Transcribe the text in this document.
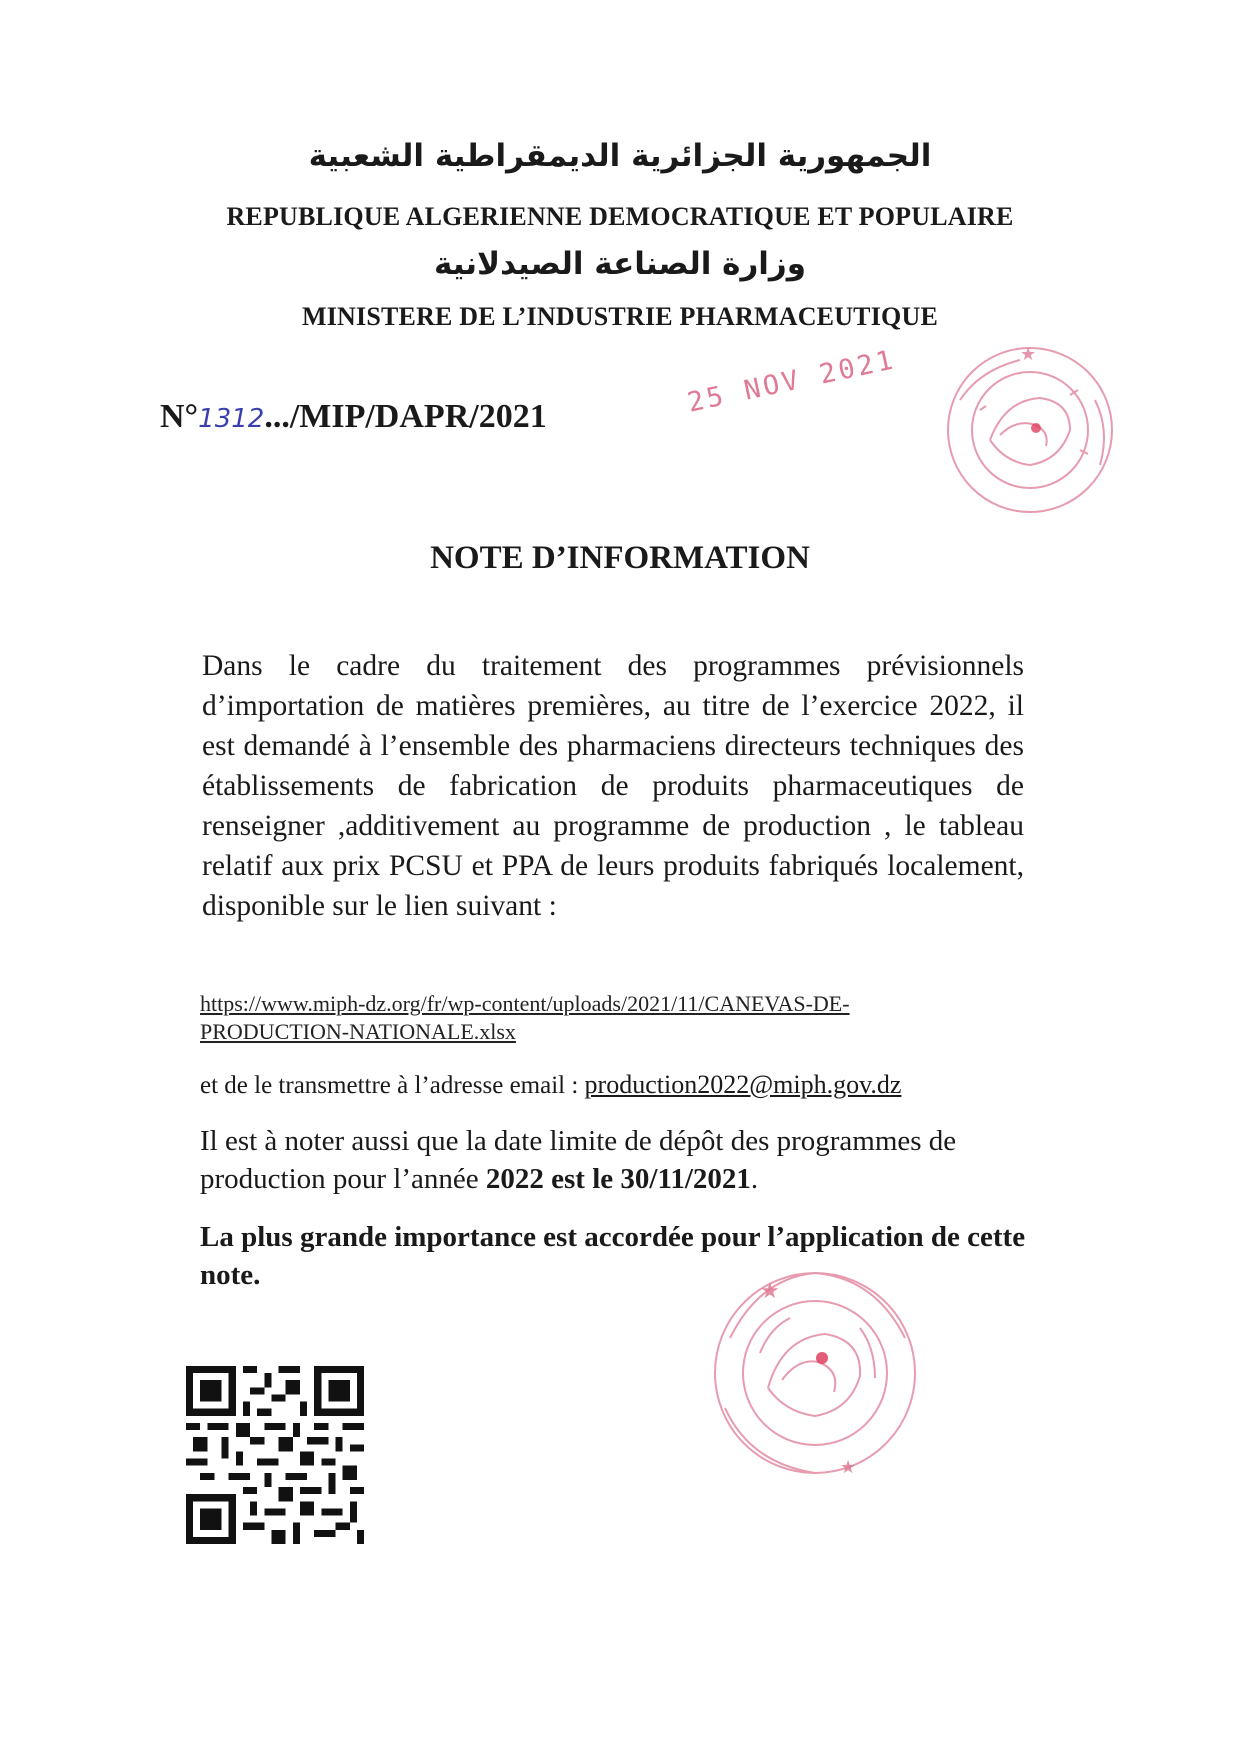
الجمهورية الجزائرية الديمقراطية الشعبية
REPUBLIQUE ALGERIENNE DEMOCRATIQUE ET POPULAIRE
وزارة الصناعة الصيدلانية
MINISTERE DE L’INDUSTRIE PHARMACEUTIQUE
N°1312.../MIP/DAPR/2021	25 NOV 2021	★
NOTE D’INFORMATION

Dans le cadre du traitement des programmes prévisionnels d’importation de matières premières, au titre de l’exercice 2022, il est demandé à l’ensemble des pharmaciens directeurs techniques des établissements de fabrication de produits pharmaceutiques de renseigner ,additivement au programme de production , le tableau relatif aux prix PCSU et PPA de leurs produits fabriqués localement, disponible sur le lien suivant :

https://www.miph-dz.org/fr/wp-content/uploads/2021/11/CANEVAS-DE-PRODUCTION-NATIONALE.xlsx
et de le transmettre à l’adresse email : production2022@miph.gov.dz
Il est à noter aussi que la date limite de dépôt des programmes de production pour l’année 2022 est le 30/11/2021.
La plus grande importance est accordée pour l’application de cette note.
★
★
